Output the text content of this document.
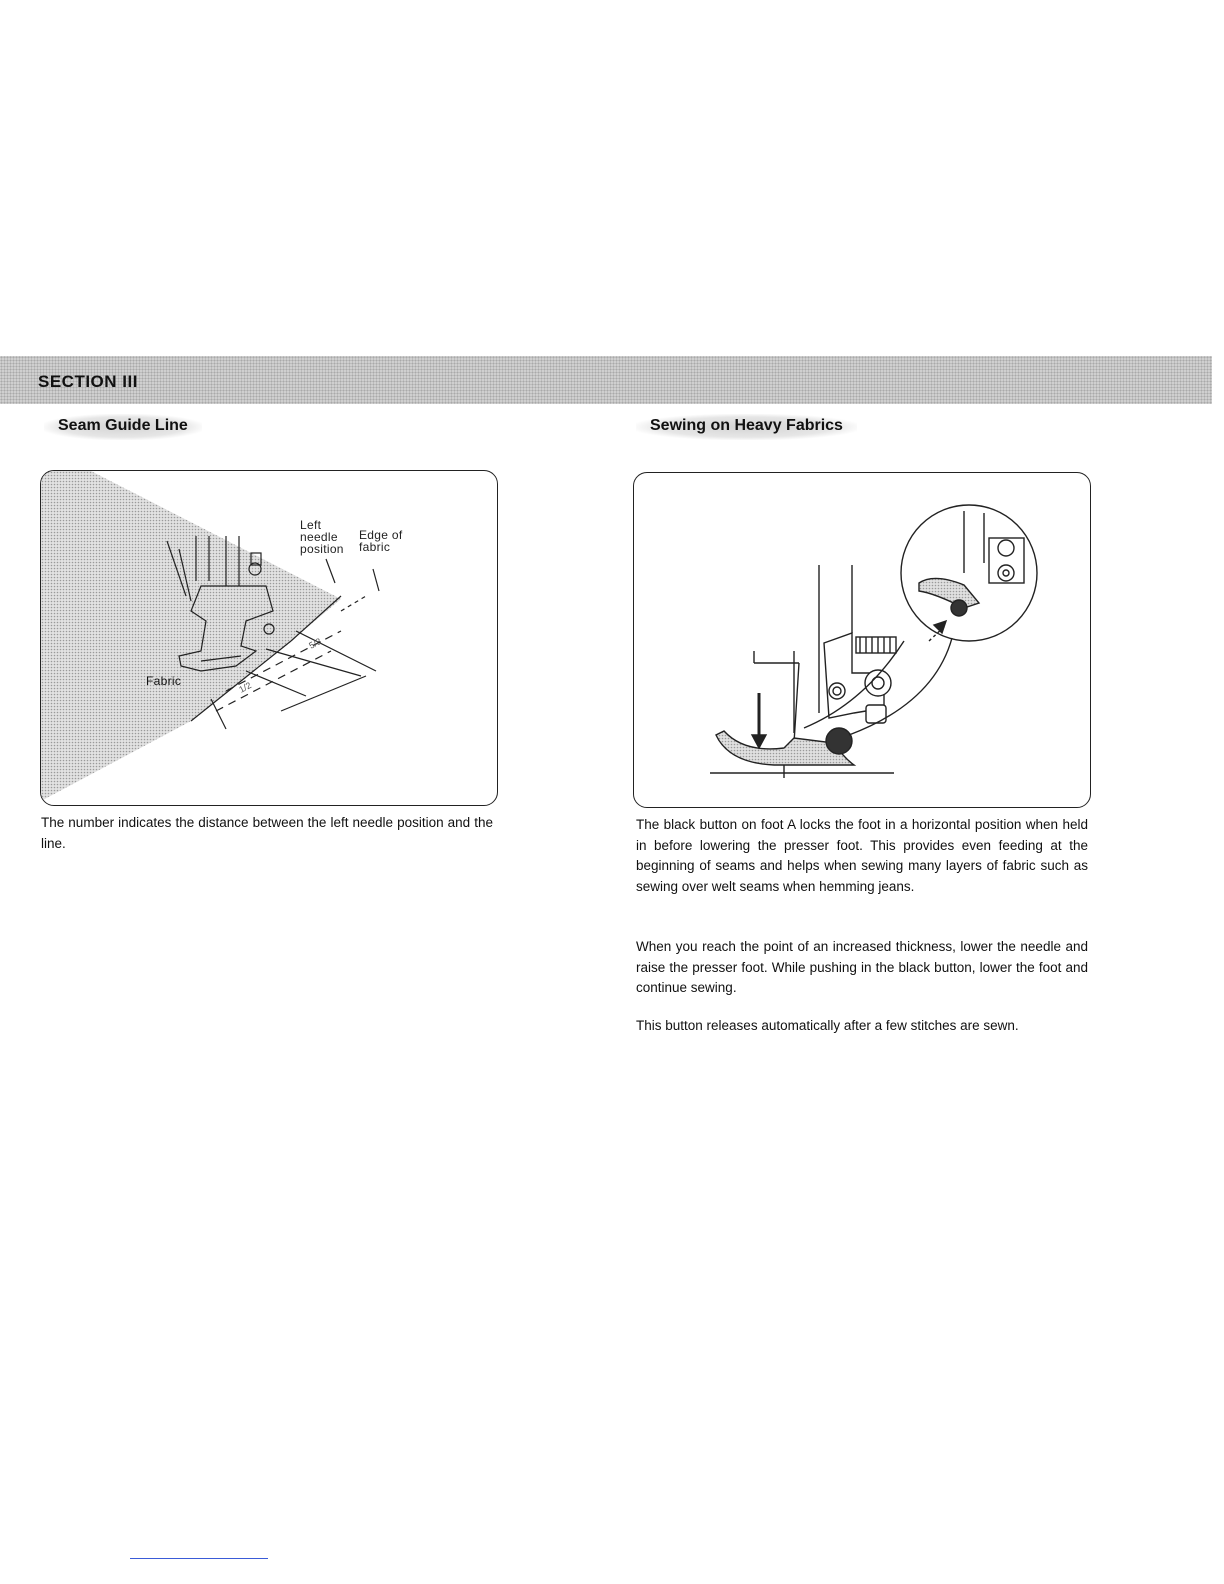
SECTION III
Seam Guide Line	Sewing on Heavy Fabrics
5/8
1/2
Left needle position
Edge of fabric
Fabric

The number indicates the distance between the left needle position and the line.

The black button on foot A locks the foot in a horizontal position when held in before lowering the presser foot. This provides even feeding at the beginning of seams and helps when sewing many layers of fabric such as sewing over welt seams when hemming jeans.

When you reach the point of an increased thickness, lower the needle and raise the presser foot. While pushing in the black button, lower the foot and continue sewing.

This button releases automatically after a few stitches are sewn.
